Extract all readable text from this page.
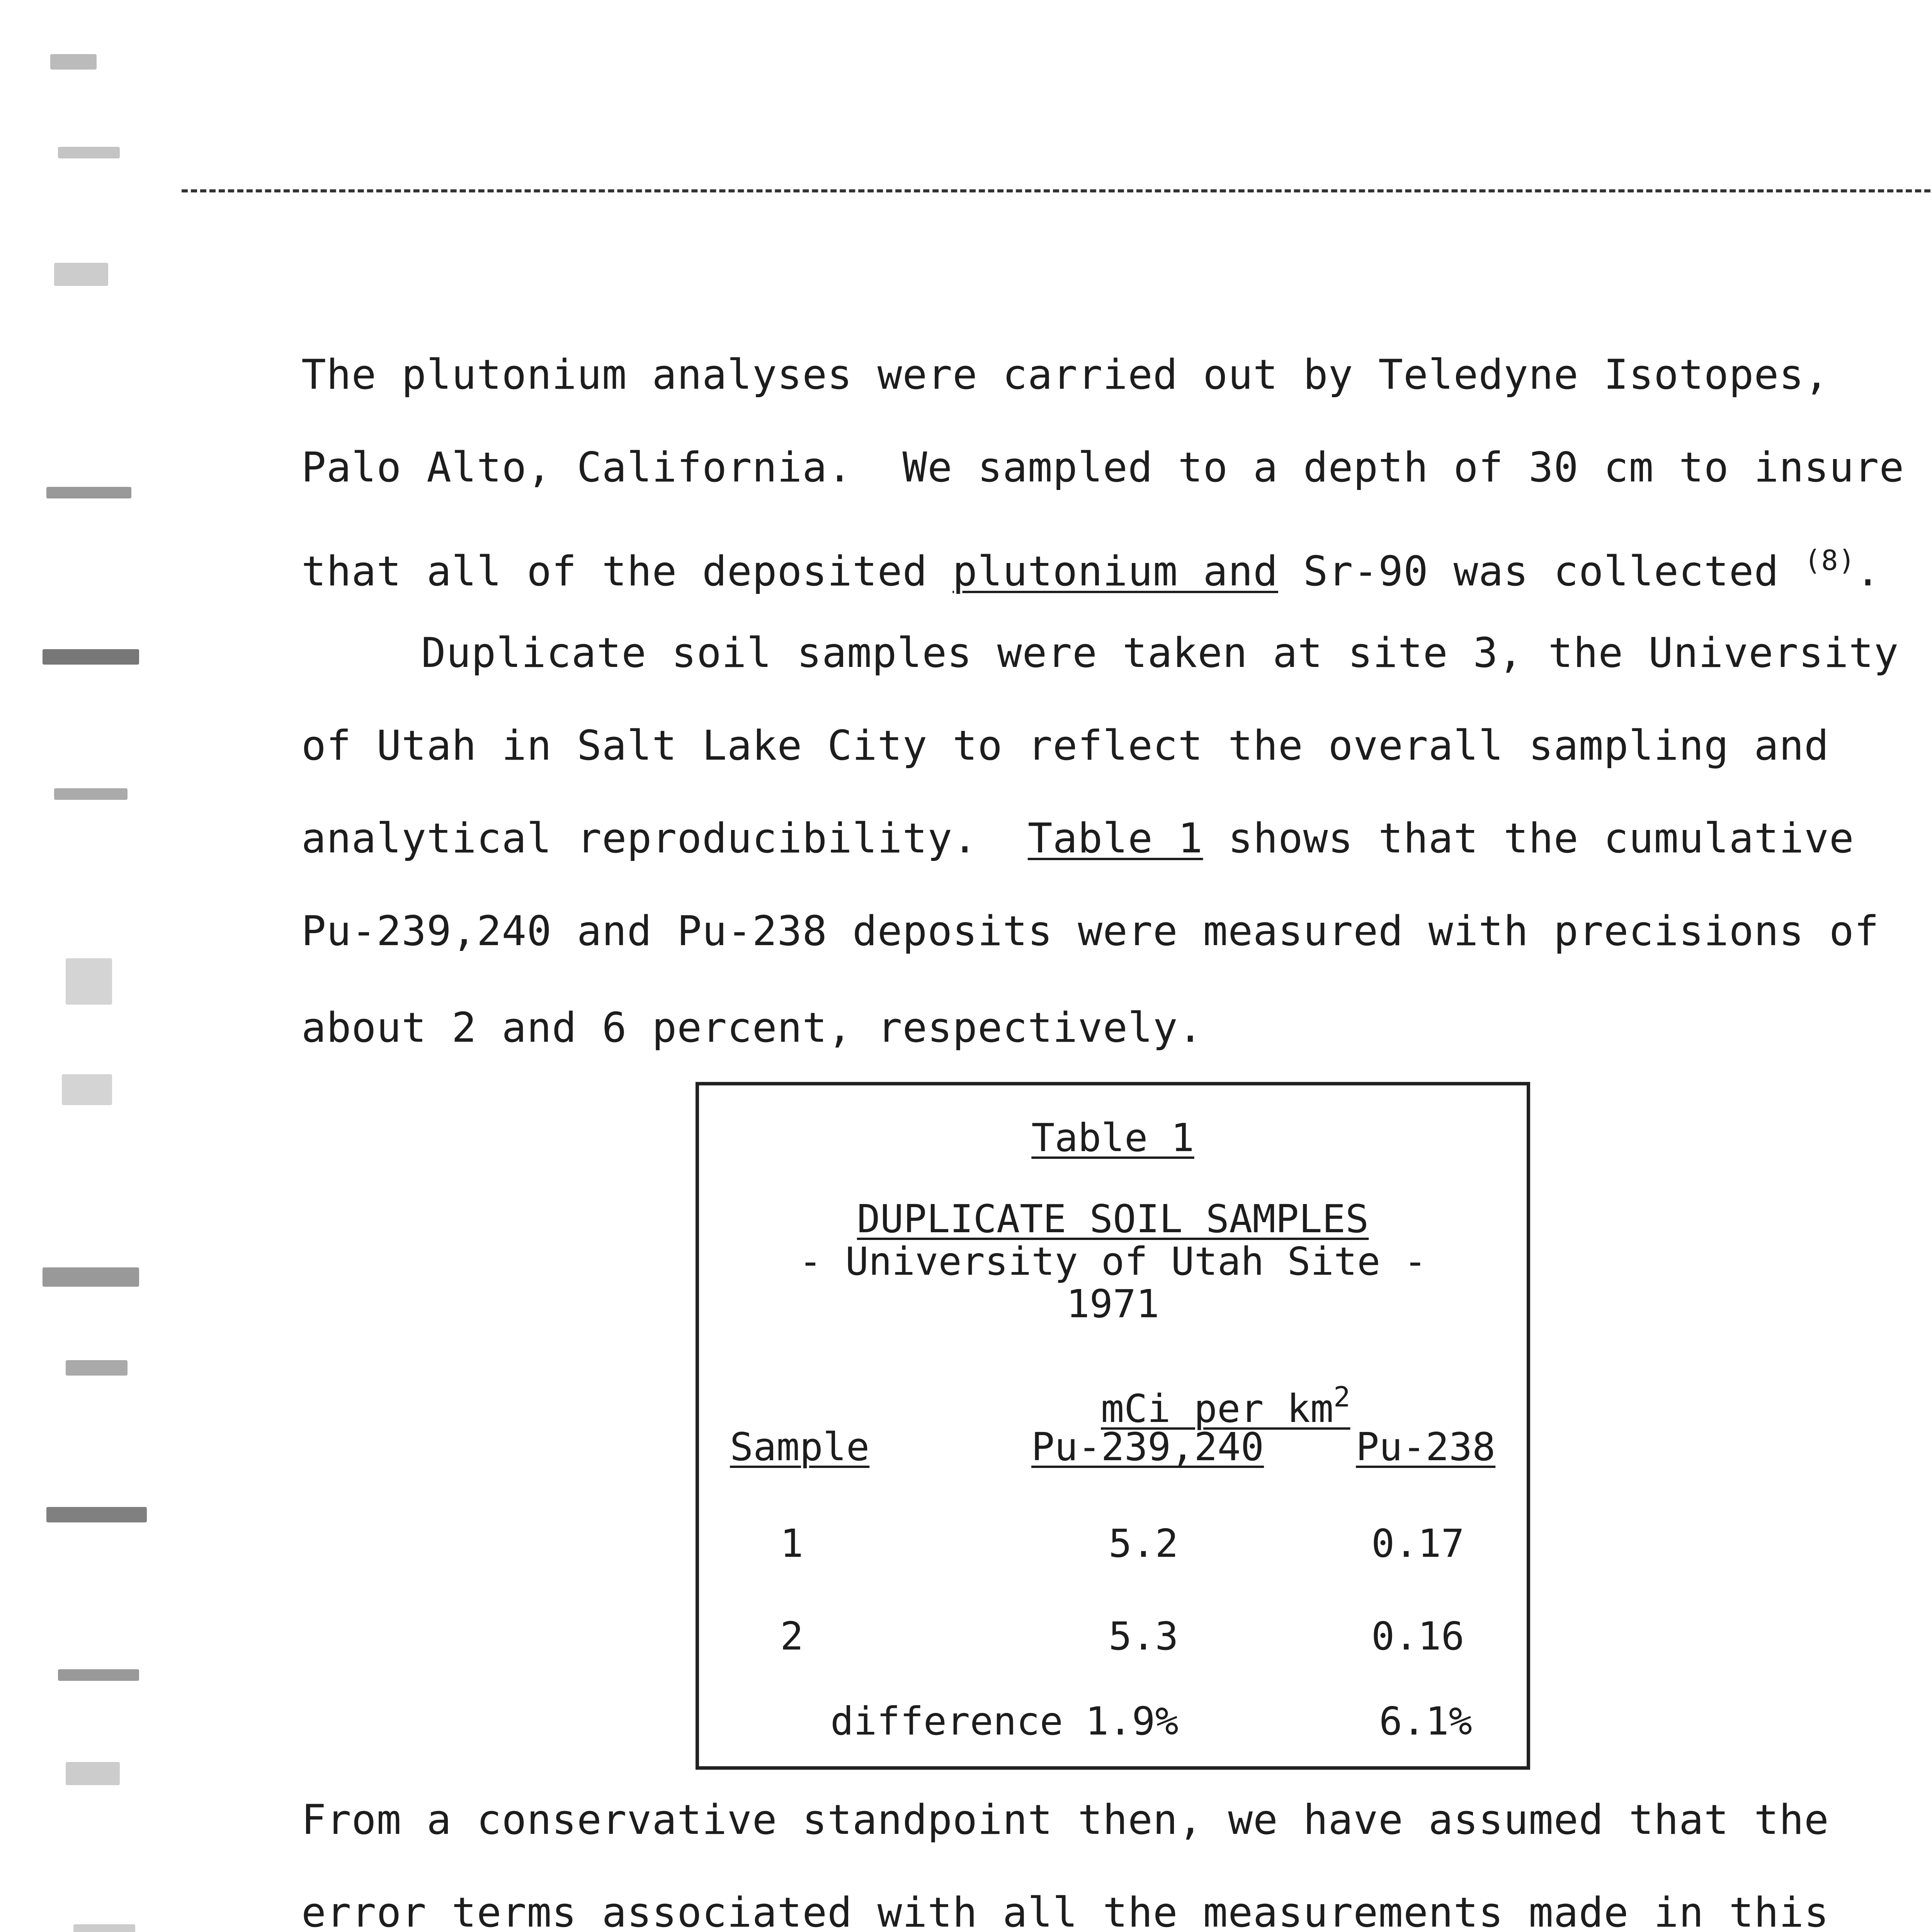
The plutonium analyses were carried out by Teledyne Isotopes,
Palo Alto, California.  We sampled to a depth of 30 cm to insure
that all of the deposited plutonium and Sr-90 was collected $^{(8)}$.
Duplicate soil samples were taken at site 3, the University
of Utah in Salt Lake City to reflect the overall sampling and
analytical reproducibility.  Table 1 shows that the cumulative
Pu-239,240 and Pu-238 deposits were measured with precisions of
about 2 and 6 percent, respectively.
Table 1
DUPLICATE SOIL SAMPLES
- University of Utah Site -
1971
mCi per $km^2$
Sample	Pu-239,240 Pu-238
1	5.2	0.17
2	5.3	0.16
difference 1.9%	6.1%
From a conservative standpoint then, we have assumed that the
error terms associated with all the measurements made in this
